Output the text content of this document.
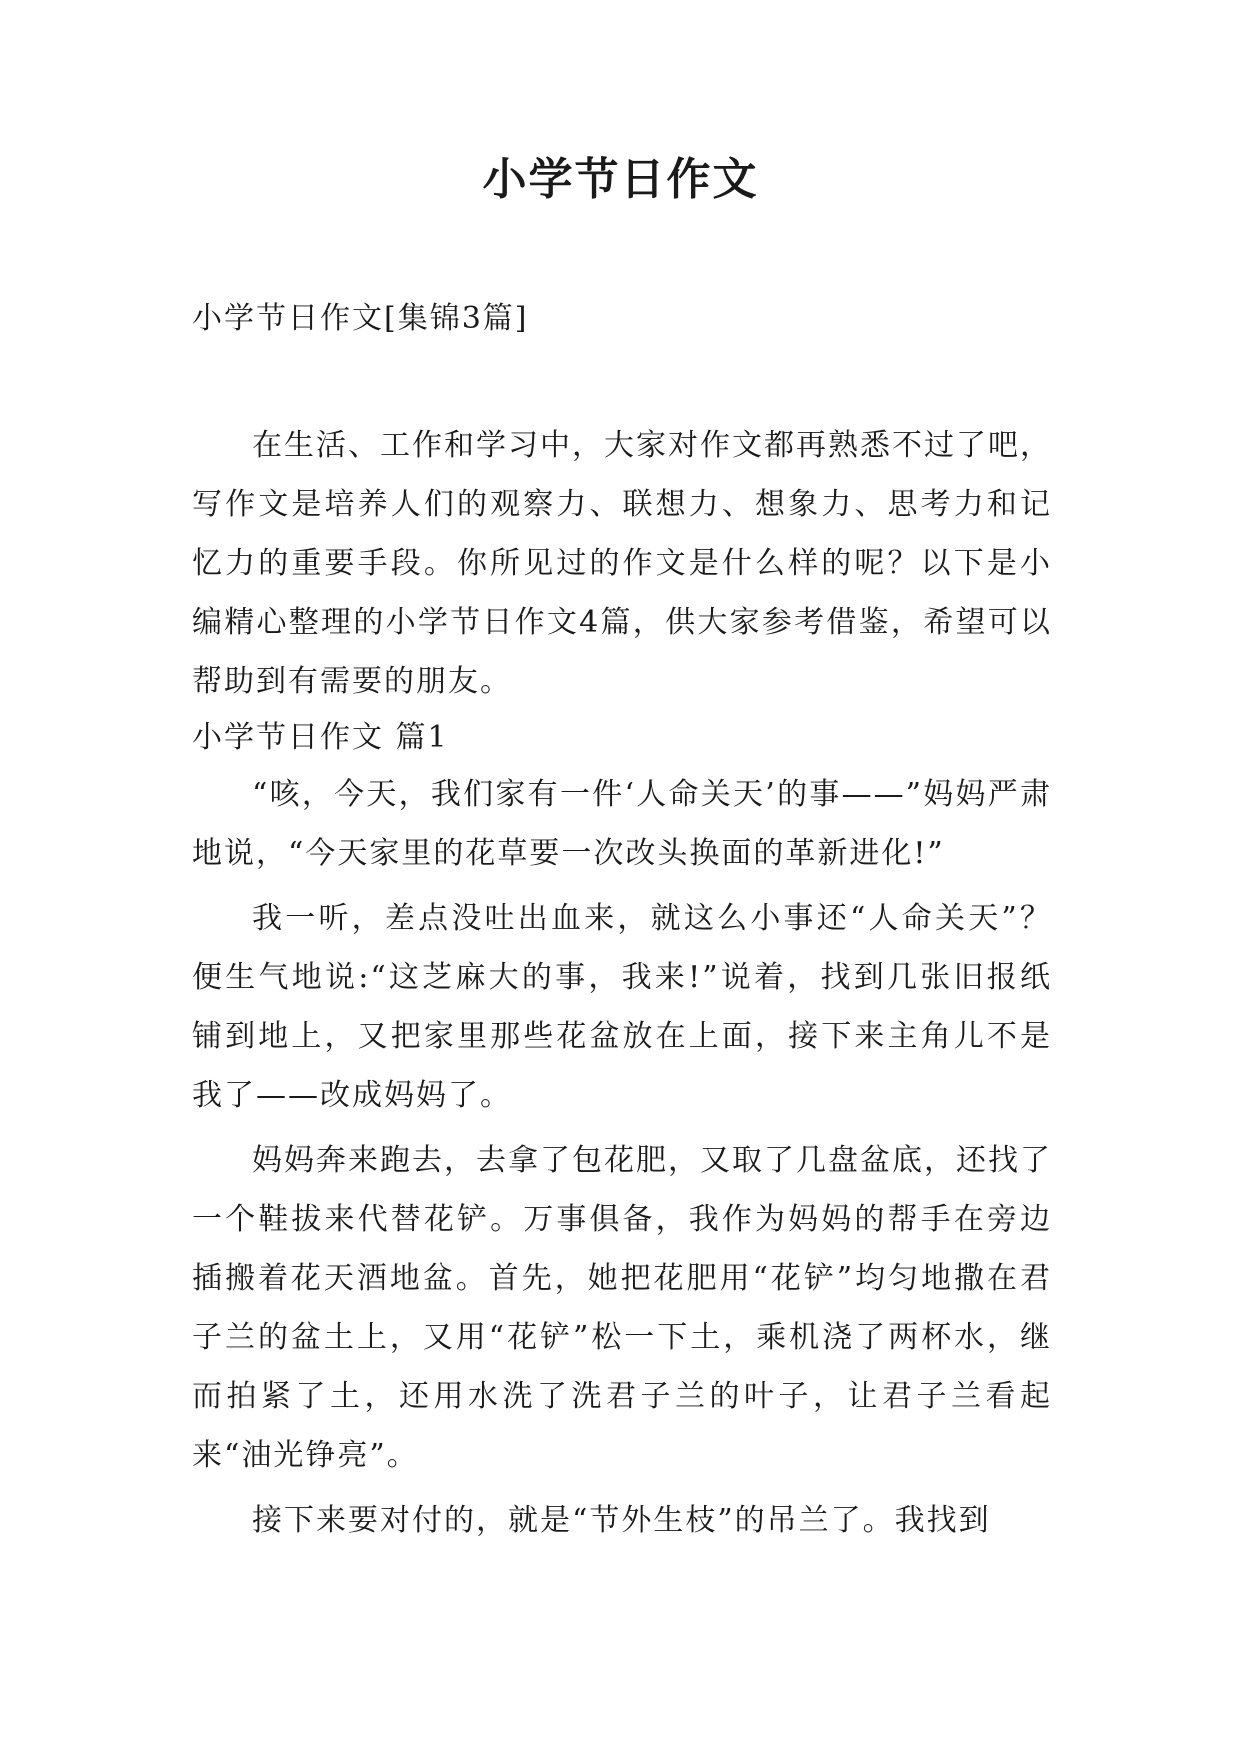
小学节日作文

小学节日作文[集锦3篇]

在生活、工作和学习中，大家对作文都再熟悉不过了吧，写作文是培养人们的观察力、联想力、想象力、思考力和记忆力的重要手段。你所见过的作文是什么样的呢？以下是小编精心整理的小学节日作文4篇，供大家参考借鉴，希望可以帮助到有需要的朋友。

小学节日作文 篇1

“咳，今天，我们家有一件‘人命关天’的事——”妈妈严肃地说，“今天家里的花草要一次改头换面的革新进化!”

我一听，差点没吐出血来，就这么小事还“人命关天”？便生气地说:“这芝麻大的事，我来!”说着，找到几张旧报纸铺到地上，又把家里那些花盆放在上面，接下来主角儿不是我了——改成妈妈了。

妈妈奔来跑去，去拿了包花肥，又取了几盘盆底，还找了一个鞋拔来代替花铲。万事俱备，我作为妈妈的帮手在旁边插搬着花天酒地盆。首先，她把花肥用“花铲”均匀地撒在君子兰的盆土上，又用“花铲”松一下土，乘机浇了两杯水，继而拍紧了土，还用水洗了洗君子兰的叶子，让君子兰看起来“油光铮亮”。

接下来要对付的，就是“节外生枝”的吊兰了。我找到
